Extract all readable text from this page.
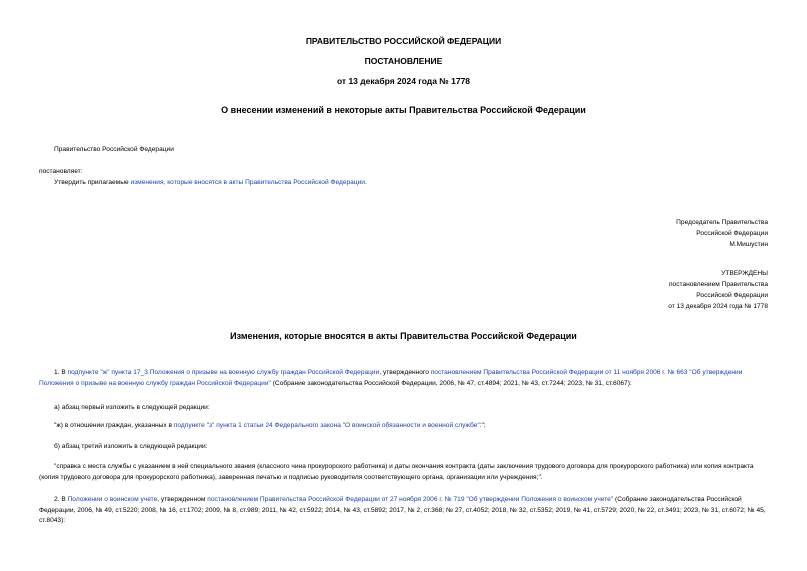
ПРАВИТЕЛЬСТВО РОССИЙСКОЙ ФЕДЕРАЦИИ
ПОСТАНОВЛЕНИЕ
от 13 декабря 2024 года № 1778
О внесении изменений в некоторые акты Правительства Российской Федерации
Правительство Российской Федерации
постановляет:
Утвердить прилагаемые изменения, которые вносятся в акты Правительства Российской Федерации.
Председатель Правительства
Российской Федерации
М.Мишустин
УТВЕРЖДЕНЫ
постановлением Правительства
Российской Федерации
от 13 декабря 2024 года № 1778
Изменения, которые вносятся в акты Правительства Российской Федерации
1. В подпункте "ж" пункта 17_3 Положения о призыве на военную службу граждан Российской Федерации, утвержденного постановлением Правительства Российской Федерации от 11 ноября 2006 г. № 663 "Об утверждении Положения о призыве на военную службу граждан Российской Федерации" (Собрание законодательства Российской Федерации, 2006, № 47, ст.4894; 2021, № 43, ст.7244; 2023, № 31, ст.6067):
а) абзац первый изложить в следующей редакции:
"ж) в отношении граждан, указанных в подпункте "з" пункта 1 статьи 24 Федерального закона "О воинской обязанности и военной службе":";
б) абзац третий изложить в следующей редакции:
"справка с места службы с указанием в ней специального звания (классного чина прокурорского работника) и даты окончания контракта (даты заключения трудового договора для прокурорского работника) или копия контракта (копия трудового договора для прокурорского работника), заверенная печатью и подписью руководителя соответствующего органа, организации или учреждения;".
2. В Положении о воинском учете, утвержденном постановлением Правительства Российской Федерации от 27 ноября 2006 г. № 719 "Об утверждении Положения о воинском учете" (Собрание законодательства Российской Федерации, 2006, № 49, ст.5220; 2008, № 16, ст.1702; 2009, № 8, ст.989; 2011, № 42, ст.5922; 2014, № 43, ст.5892; 2017, № 2, ст.368; № 27, ст.4052; 2018, № 32, ст.5352; 2019, № 41, ст.5729; 2020, № 22, ст.3491; 2023, № 31, ст.6072; № 45, ст.8043):
